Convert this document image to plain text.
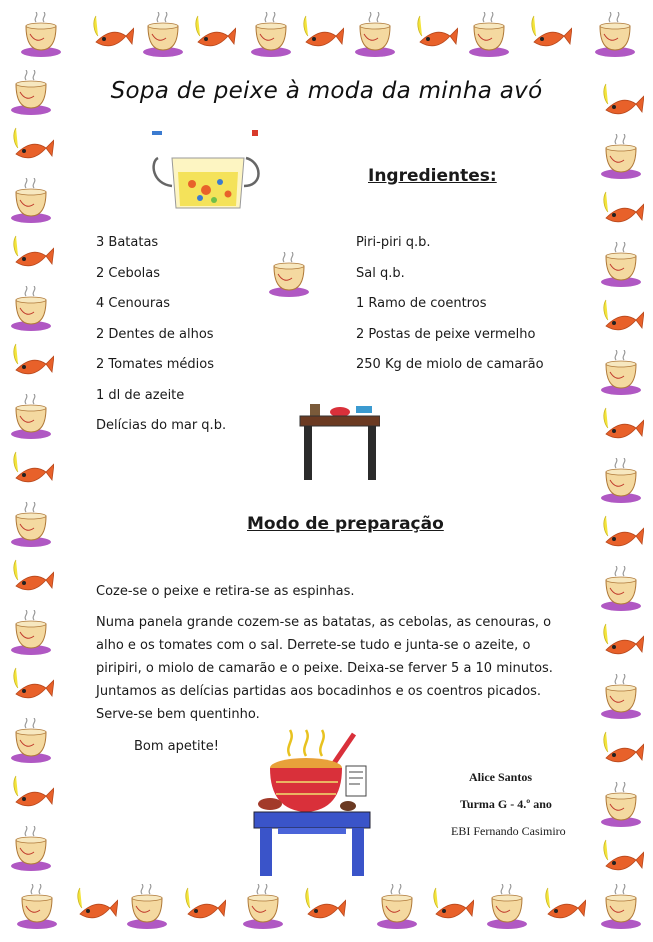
Sopa de peixe à moda da minha avó
Ingredientes:
3 Batatas
2 Cebolas
4 Cenouras
2 Dentes de alhos
2 Tomates médios
1 dl de azeite
Delícias do mar q.b.
Piri-piri q.b.
Sal q.b.
1 Ramo de coentros
2 Postas de peixe vermelho
250 Kg de miolo de camarão
Modo de preparação
Coze-se o peixe e retira-se as espinhas.
Numa panela grande cozem-se as batatas, as cebolas, as cenouras, o alho e os tomates com o sal. Derrete-se tudo e junta-se o azeite, o piripiri, o miolo de camarão e o peixe. Deixa-se ferver 5 a 10 minutos. Juntamos as delícias partidas aos bocadinhos e os coentros picados. Serve-se bem quentinho.
Bom apetite!
Alice Santos
Turma G - 4.º ano
EBI Fernando Casimiro
